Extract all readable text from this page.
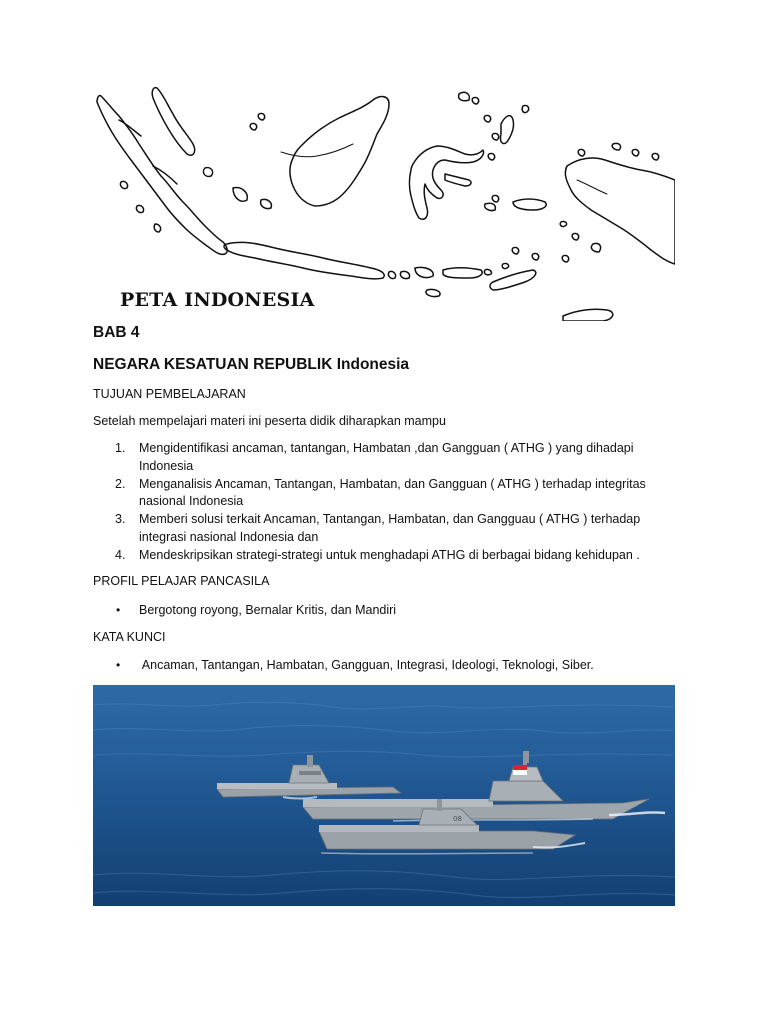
PETA INDONESIA
BAB 4
NEGARA KESATUAN REPUBLIK Indonesia
TUJUAN PEMBELAJARAN
Setelah mempelajari materi ini peserta didik diharapkan mampu
1.	Mengidentifikasi ancaman, tantangan, Hambatan ,dan Gangguan ( ATHG ) yang dihadapi
Indonesia
2.	Menganalisis Ancaman, Tantangan, Hambatan, dan Gangguan ( ATHG ) terhadap integritas
nasional Indonesia
3.	Memberi solusi terkait Ancaman, Tantangan, Hambatan, dan Gangguau ( ATHG ) terhadap
integrasi nasional Indonesia dan
4.	Mendeskripsikan strategi-strategi untuk menghadapi ATHG di berbagai bidang kehidupan .
PROFIL PELAJAR PANCASILA
• Bergotong royong, Bernalar Kritis, dan Mandiri
KATA KUNCI
• Ancaman, Tantangan, Hambatan, Gangguan, Integrasi, Ideologi, Teknologi, Siber.
08
